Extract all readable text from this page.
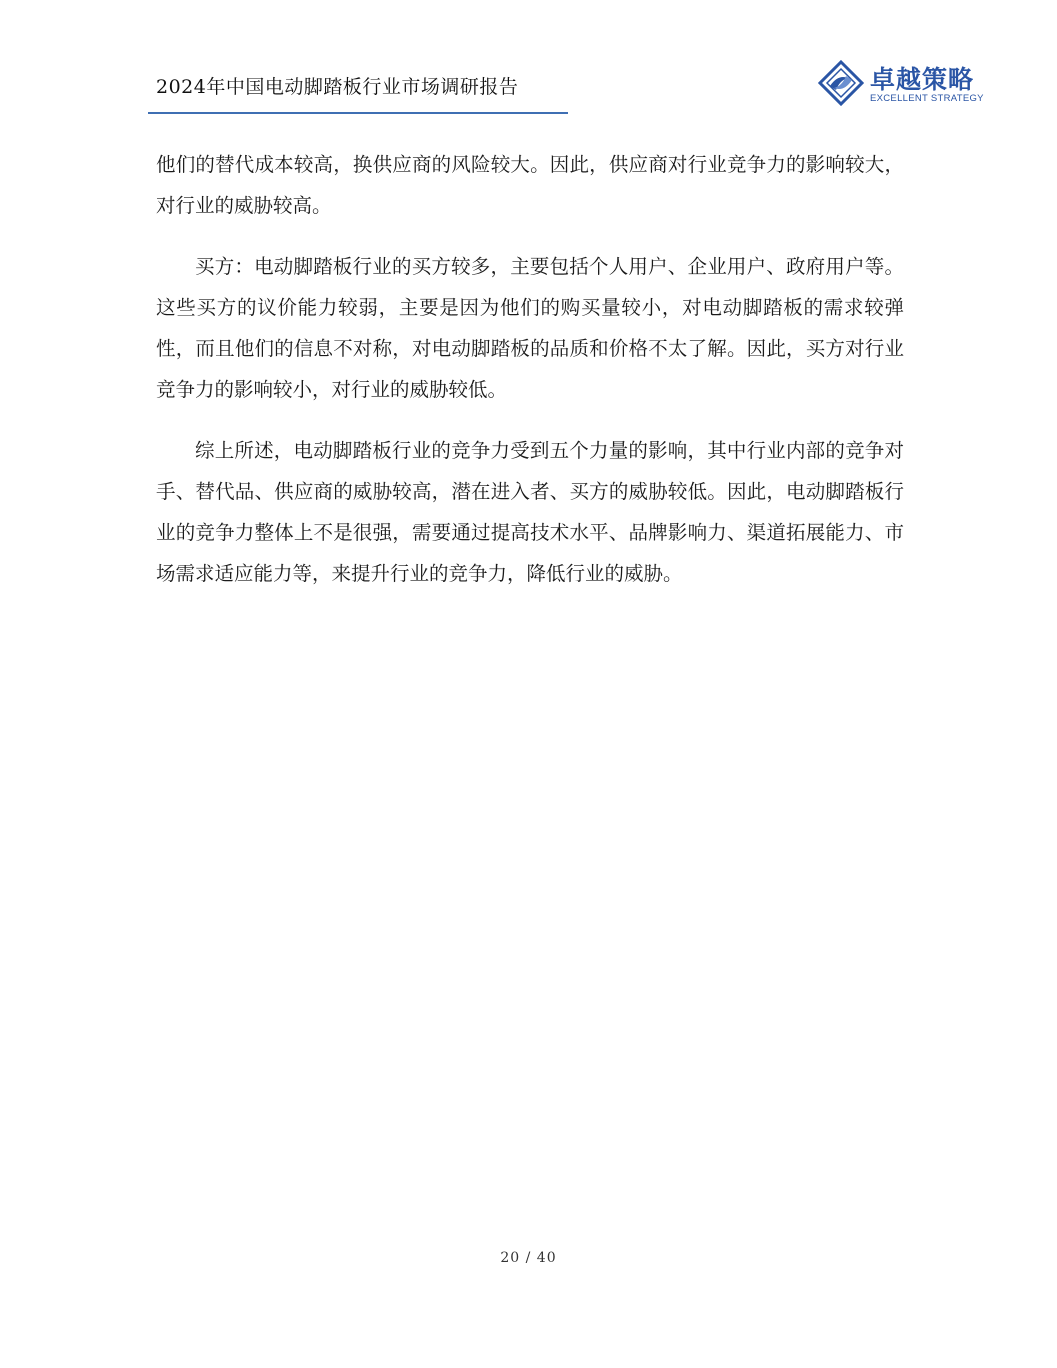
2024年中国电动脚踏板行业市场调研报告	卓越策略
EXCELLENT STRATEGY

他们的替代成本较高，换供应商的风险较大。因此，供应商对行业竞争力的影响较大，对行业的威胁较高。

买方：电动脚踏板行业的买方较多，主要包括个人用户、企业用户、政府用户等。这些买方的议价能力较弱，主要是因为他们的购买量较小，对电动脚踏板的需求较弹性，而且他们的信息不对称，对电动脚踏板的品质和价格不太了解。因此，买方对行业竞争力的影响较小，对行业的威胁较低。

综上所述，电动脚踏板行业的竞争力受到五个力量的影响，其中行业内部的竞争对手、替代品、供应商的威胁较高，潜在进入者、买方的威胁较低。因此，电动脚踏板行业的竞争力整体上不是很强，需要通过提高技术水平、品牌影响力、渠道拓展能力、市场需求适应能力等，来提升行业的竞争力，降低行业的威胁。

20 / 40
